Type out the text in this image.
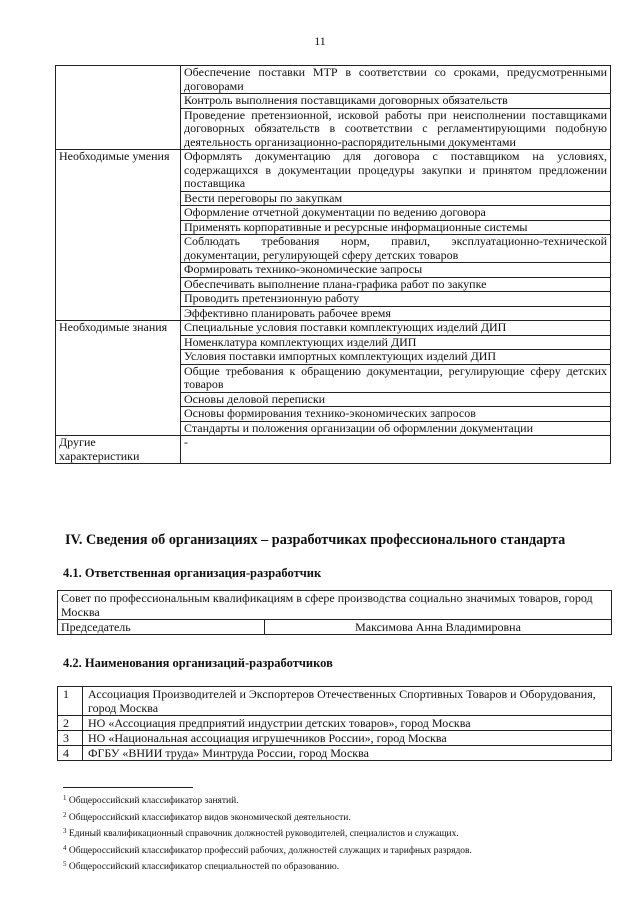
11
	Обеспечение поставки МТР в соответствии со сроками, предусмотренными договорами
	Контроль выполнения поставщиками договорных обязательств
	Проведение претензионной, исковой работы при неисполнении поставщиками договорных обязательств в соответствии с регламентирующими подобную деятельность организационно-распорядительными документами
Необходимые умения	Оформлять документацию для договора с поставщиком на условиях, содержащихся в документации процедуры закупки и принятом предложении поставщика
	Вести переговоры по закупкам
	Оформление отчетной документации по ведению договора
	Применять корпоративные и ресурсные информационные системы
	Соблюдать требования норм, правил, эксплуатационно-технической документации, регулирующей сферу детских товаров
	Формировать технико-экономические запросы
	Обеспечивать выполнение плана-графика работ по закупке
	Проводить претензионную работу
	Эффективно планировать рабочее время
Необходимые знания	Специальные условия поставки комплектующих изделий ДИП
	Номенклатура комплектующих изделий ДИП
	Условия поставки импортных комплектующих изделий ДИП
	Общие требования к обращению документации, регулирующие сферу детских товаров
	Основы деловой переписки
	Основы формирования технико-экономических запросов
	Стандарты и положения организации об оформлении документации
Другие характеристики	-
IV. Сведения об организациях – разработчиках профессионального стандарта
4.1. Ответственная организация-разработчик
Совет по профессиональным квалификациям в сфере производства социально значимых товаров, город Москва
Председатель	Максимова Анна Владимировна
4.2. Наименования организаций-разработчиков
1	Ассоциация Производителей и Экспортеров Отечественных Спортивных Товаров и Оборудования, город Москва
2	НО «Ассоциация предприятий индустрии детских товаров», город Москва
3	НО «Национальная ассоциация игрушечников России», город Москва
4	ФГБУ «ВНИИ труда» Минтруда России, город Москва
$^1$ Общероссийский классификатор занятий.
$^2$ Общероссийский классификатор видов экономической деятельности.
$^3$ Единый квалификационный справочник должностей руководителей, специалистов и служащих.
$^4$ Общероссийский классификатор профессий рабочих, должностей служащих и тарифных разрядов.
$^5$ Общероссийский классификатор специальностей по образованию.
